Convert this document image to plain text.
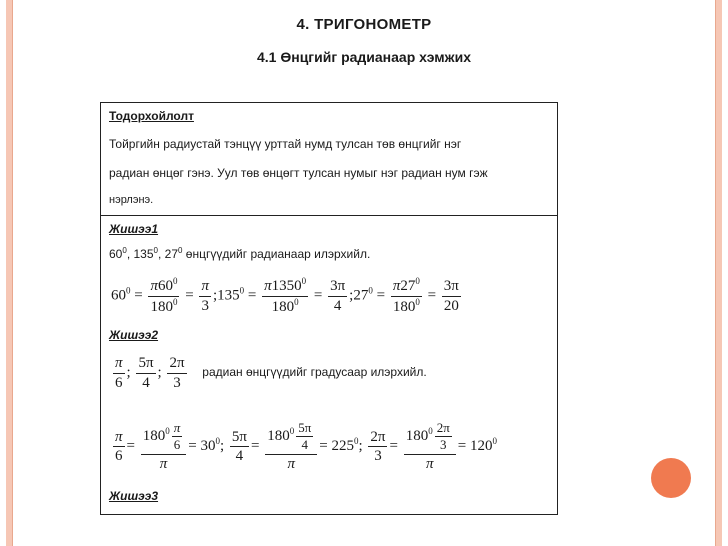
4. ТРИГОНОМЕТР
4.1 Өнцгийг радианаар хэмжих
Тодорхойлолт
Тойргийн радиустай тэнцүү урттай нумд тулсан төв өнцгийг нэг
радиан өнцөг гэнэ. Уул төв өнцөгт тулсан нумыг нэг радиан нум гэж
нэрлэнэ.
Жишээ1
$60^0$, $135^0$, $27^0$ өнцгүүдийг радианаар илэрхийл.
$60^0 = \frac{\pi 60^0}{180^0} = \frac{\pi}{3}$ $;135^0 = \frac{\pi 1350^0}{180^0} = \frac{3\pi}{4}$ $;27^0 = \frac{\pi 27^0}{180^0} = \frac{3\pi}{20}$
Жишээ2
$\frac{\pi}{6}$ ; $\frac{5\pi}{4}$ ; $\frac{2\pi}{3}$ радиан өнцгүүдийг градусаар илэрхийл.
$\frac{\pi}{6} = \frac{180^0 \frac{\pi}{6}}{\pi} = 30^0$; $\frac{5\pi}{4} = \frac{180^0 \frac{5\pi}{4}}{\pi} = 225^0$; $\frac{2\pi}{3} = \frac{180^0 \frac{2\pi}{3}}{\pi} = 120^0$
Жишээ3
